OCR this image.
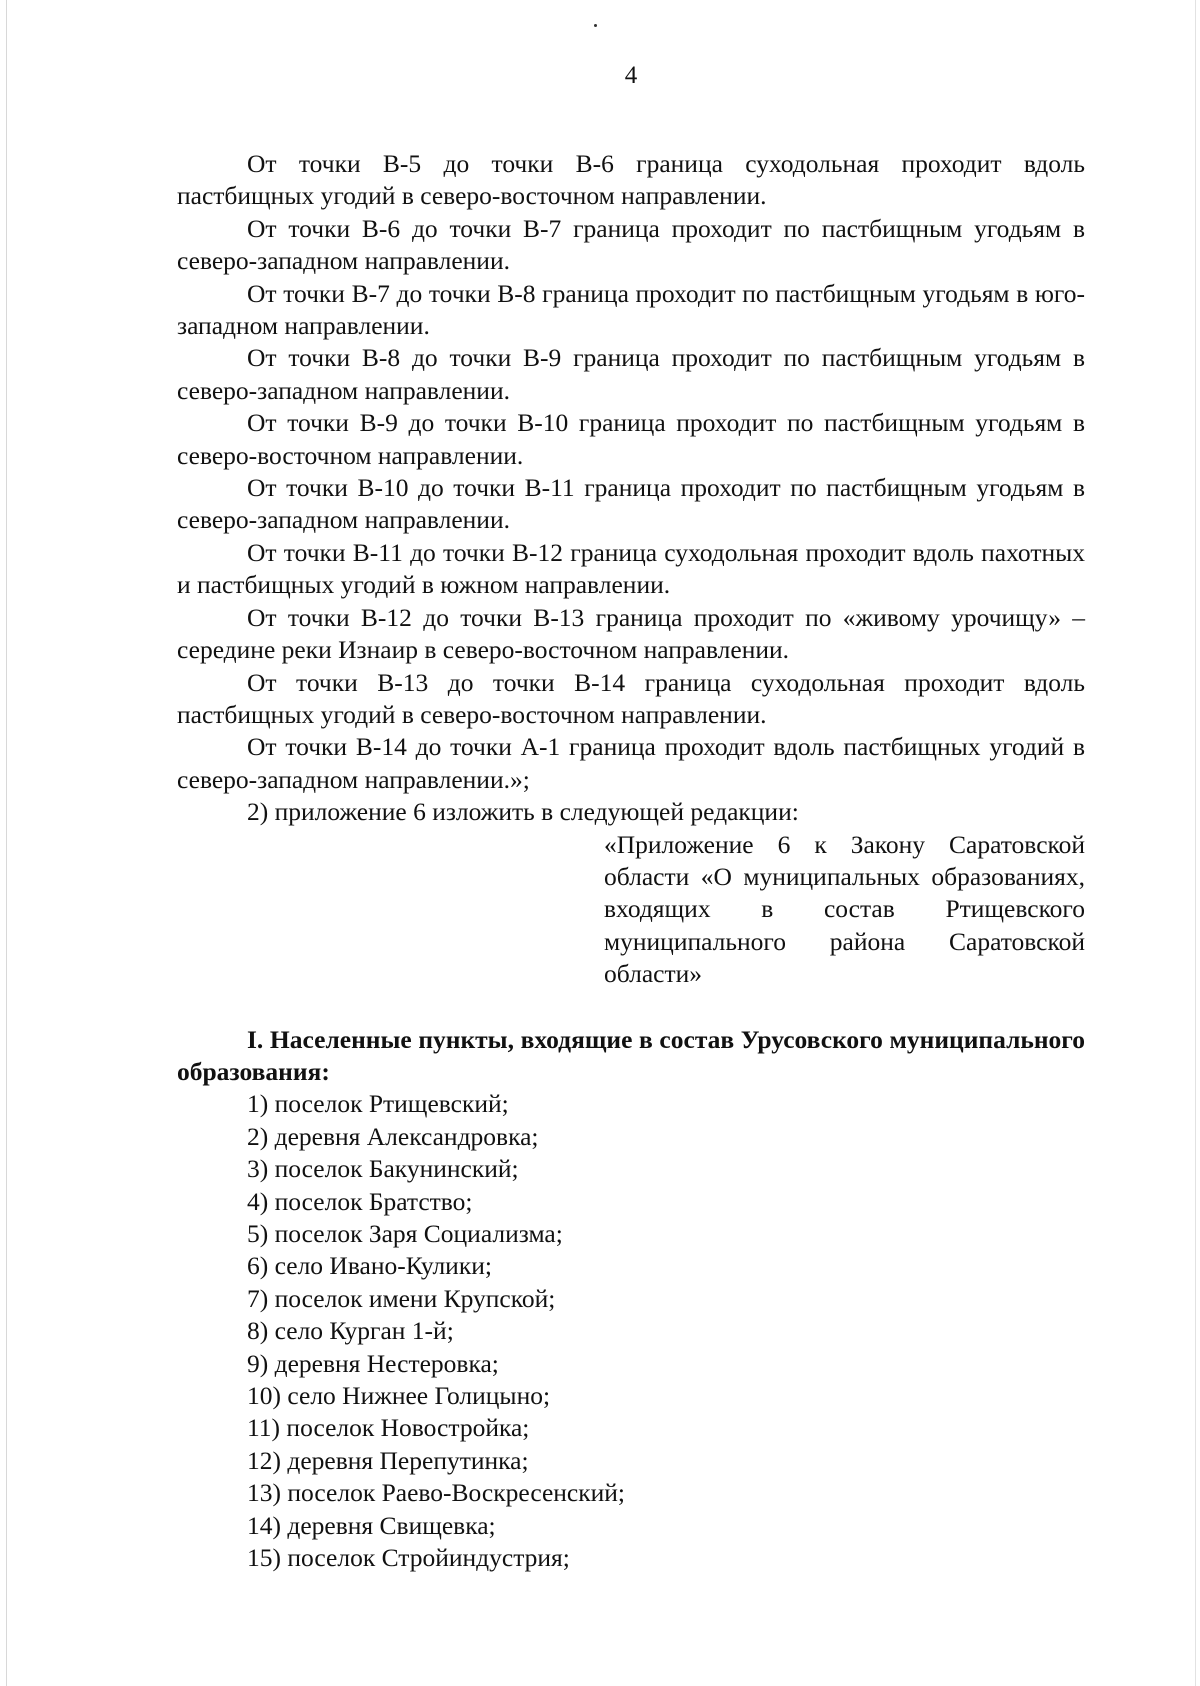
4

От точки В-5 до точки В-6 граница суходольная проходит вдоль пастбищных угодий в северо-восточном направлении.

От точки В-6 до точки В-7 граница проходит по пастбищным угодьям в северо-западном направлении.

От точки В-7 до точки В-8 граница проходит по пастбищным угодьям в юго-западном направлении.

От точки В-8 до точки В-9 граница проходит по пастбищным угодьям в северо-западном направлении.

От точки В-9 до точки В-10 граница проходит по пастбищным угодьям в северо-восточном направлении.

От точки В-10 до точки В-11 граница проходит по пастбищным угодьям в северо-западном направлении.

От точки В-11 до точки В-12 граница суходольная проходит вдоль пахотных и пастбищных угодий в южном направлении.

От точки В-12 до точки В-13 граница проходит по «живому урочищу» – середине реки Изнаир в северо-восточном направлении.

От точки В-13 до точки В-14 граница суходольная проходит вдоль пастбищных угодий в северо-восточном направлении.

От точки В-14 до точки А-1 граница проходит вдоль пастбищных угодий в северо-западном направлении.»;

2) приложение 6 изложить в следующей редакции:

«Приложение 6 к Закону Саратовской области «О муниципальных образованиях, входящих в состав Ртищевского муниципального района Саратовской области»

I. Населенные пункты, входящие в состав Урусовского муниципального образования:

1) поселок Ртищевский;
2) деревня Александровка;
3) поселок Бакунинский;
4) поселок Братство;
5) поселок Заря Социализма;
6) село Ивано-Кулики;
7) поселок имени Крупской;
8) село Курган 1-й;
9) деревня Нестеровка;
10) село Нижнее Голицыно;
11) поселок Новостройка;
12) деревня Перепутинка;
13) поселок Раево-Воскресенский;
14) деревня Свищевка;
15) поселок Стройиндустрия;
